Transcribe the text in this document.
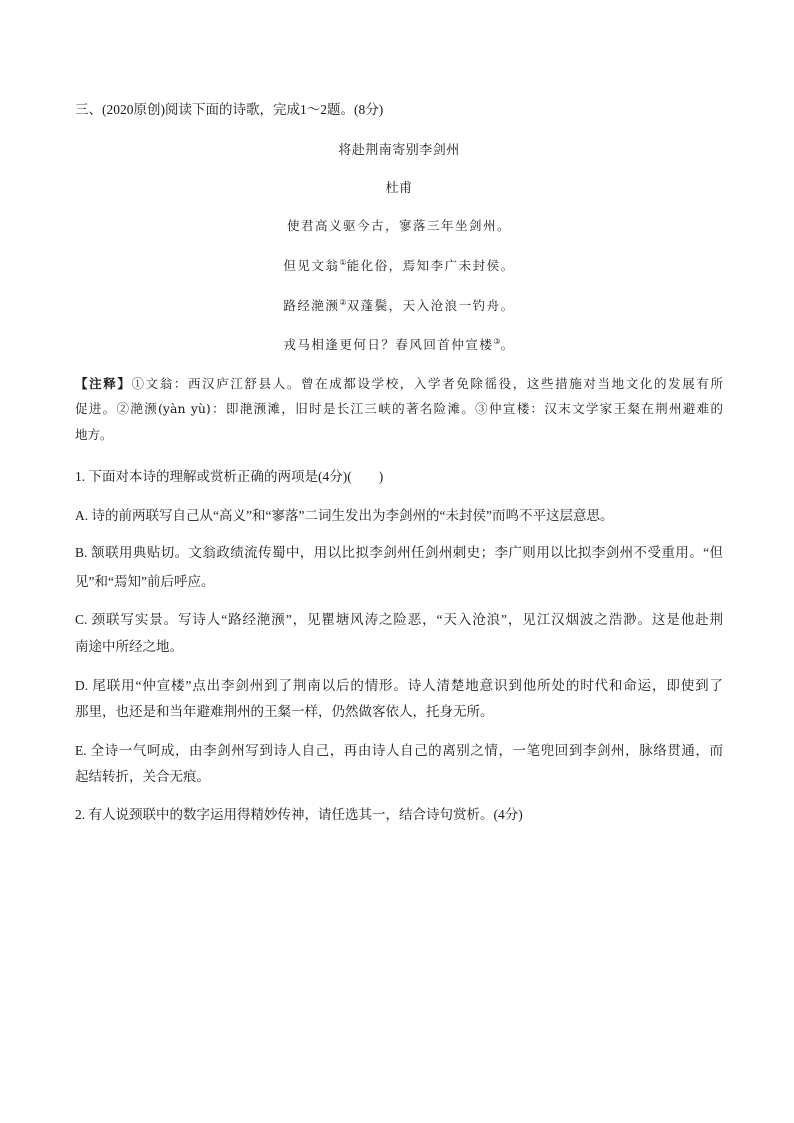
三、(2020原创)阅读下面的诗歌，完成1～2题。(8分)
将赴荆南寄别李剑州
杜甫
使君高义驱今古，寥落三年坐剑州。
但见文翁①能化俗，焉知李广未封侯。
路经滟滪②双蓬鬓，天入沧浪一钓舟。
戎马相逢更何日？春风回首仲宣楼③。
【注释】①文翁：西汉庐江舒县人。曾在成都设学校，入学者免除徭役，这些措施对当地文化的发展有所
促进。②滟滪(yàn yù)：即滟滪滩，旧时是长江三峡的著名险滩。③仲宣楼：汉末文学家王粲在荆州避难的
地方。
1. 下面对本诗的理解或赏析正确的两项是(4分)(　　)
A. 诗的前两联写自己从“高义”和“寥落”二词生发出为李剑州的“未封侯”而鸣不平这层意思。
B. 颔联用典贴切。文翁政绩流传蜀中，用以比拟李剑州任剑州刺史；李广则用以比拟李剑州不受重用。“但
见”和“焉知”前后呼应。
C. 颈联写实景。写诗人“路经滟滪”，见瞿塘风涛之险恶，“天入沧浪”，见江汉烟波之浩渺。这是他赴荆
南途中所经之地。
D. 尾联用“仲宣楼”点出李剑州到了荆南以后的情形。诗人清楚地意识到他所处的时代和命运，即使到了
那里，也还是和当年避难荆州的王粲一样，仍然做客依人，托身无所。
E. 全诗一气呵成，由李剑州写到诗人自己，再由诗人自己的离别之情，一笔兜回到李剑州，脉络贯通，而
起结转折，关合无痕。
2. 有人说颈联中的数字运用得精妙传神，请任选其一，结合诗句赏析。(4分)
